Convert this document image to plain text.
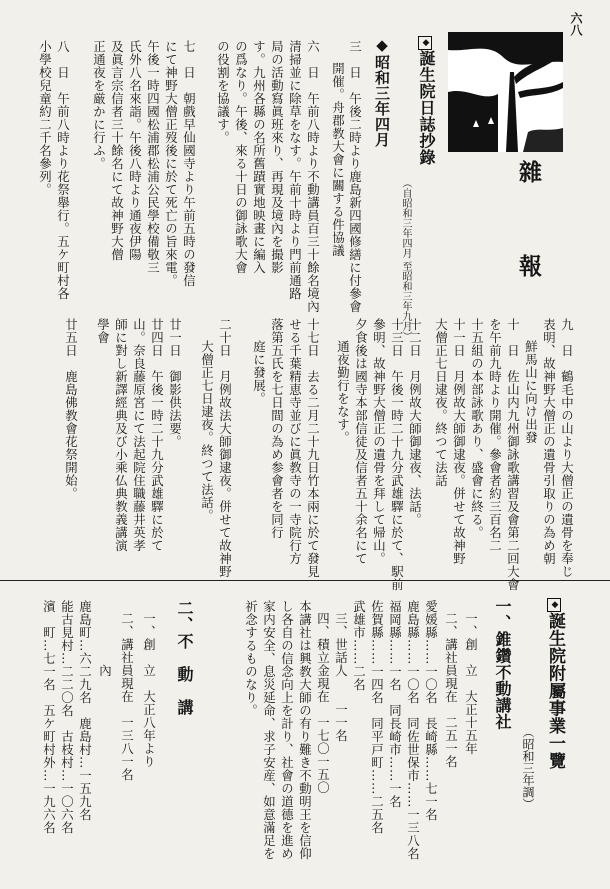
六八
雜　報
◆誕生院日誌抄錄
（自昭和三年四月 至昭和三年九月）
◆昭和三年四月
三　日　午後二時より鹿島新四國修繕に付參會
開催。舟郡教大會に關する件協議
六　日　午前八時より不動講員百三十餘名境內
清掃並に除草をなす。午前十時より門前通路
局の活動寫眞班來り、再現及境內を撮影
す。九州各縣の名所舊蹟實地映畫に編入
の爲なり。午後、來る十日の御詠歌大會
の役割を協議す。
七　日　朝戲早仙國寺より午前五時の發信
にて神野大僧正歿後に於て死亡の旨來電。
午後一時四國松浦郡松浦公民學校備敬三
氏外八名來詣。午後八時より通夜伊陽
及眞言宗信者三十餘名にて故神野大僧
正通夜を厳かに行ふ。
八　日　午前八時より花祭舉行。五ケ町村各
小學校兒童約二千名參列。
九　日　鶴毛中の山より大僧正の遺骨を奉じ
表明、故神野大僧正の遺骨引取りの為め朝
鮮馬山に向け出發
十　日　佐山内九州御詠歌講習及會第二回大會
を午前九時より開催。參會者約三百名二
十五組の本部詠歌あり、盛會に終る。
十一日　月例故大師御逮夜。併せて故神野
大僧正七日逮夜。終つて法話
十二日　月例故大師御逮夜、法話。
十三日　午後一時二十九分武雄驛に於て、駅前
參明、故神野大僧正の遺骨を拜して帰山。
夕食後は國寺本部信徒及信者五十余名にて
通夜勤行をなす。
十七日　去る二月二十九日竹本兩に於て發見
せる千葉精恵寺並びに眞教寺の一寺院行方
落第五氏を七日間の為め参會者を同行
庭に發展。
二十日　月例故法大師御逮夜。併せて故神野
大僧正七日逮夜。終つて法話。
廿一日　御影供法要。
廿四日　午後一時二十九分武雄驛に於て
山。奈良藤原宮にて法起院住職藤井英孝
師に對し新譯經典及び小乘仏典教義講演
學會
廿五日　鹿島佛教會花祭開始。
◆誕生院附屬事業一覽
（昭和三年調）
一、錐鑽不動講社
一、創　立　大正十五年
二、講社員現在　二五一名
愛媛縣……一〇名　長崎縣……七一名
鹿島縣……一〇名　同佐世保市……一三八名
福岡縣……一名　同長崎市……一名
佐賀縣……一四名　同平戸町……二五名
武雄市……二名
三、世話人　　一一名
四、積立金現在　一七〇一五〇
本講社は興教大師の有り難き不動明王を信仰
し各自の信念向上を計り、社會の道德を進め
家内安全、息災延命、求子安産、如意滿足を
祈念するものなり。
二、不　動　講
一、創　立　大正八年より
二、講社員現在　一三八一名
　　　　內
鹿島町…六二九名　鹿島村…一五九名
能古見村…二二〇名　古枝村…一〇六名
濱　町…七一名　五ケ町村外…一九六名
